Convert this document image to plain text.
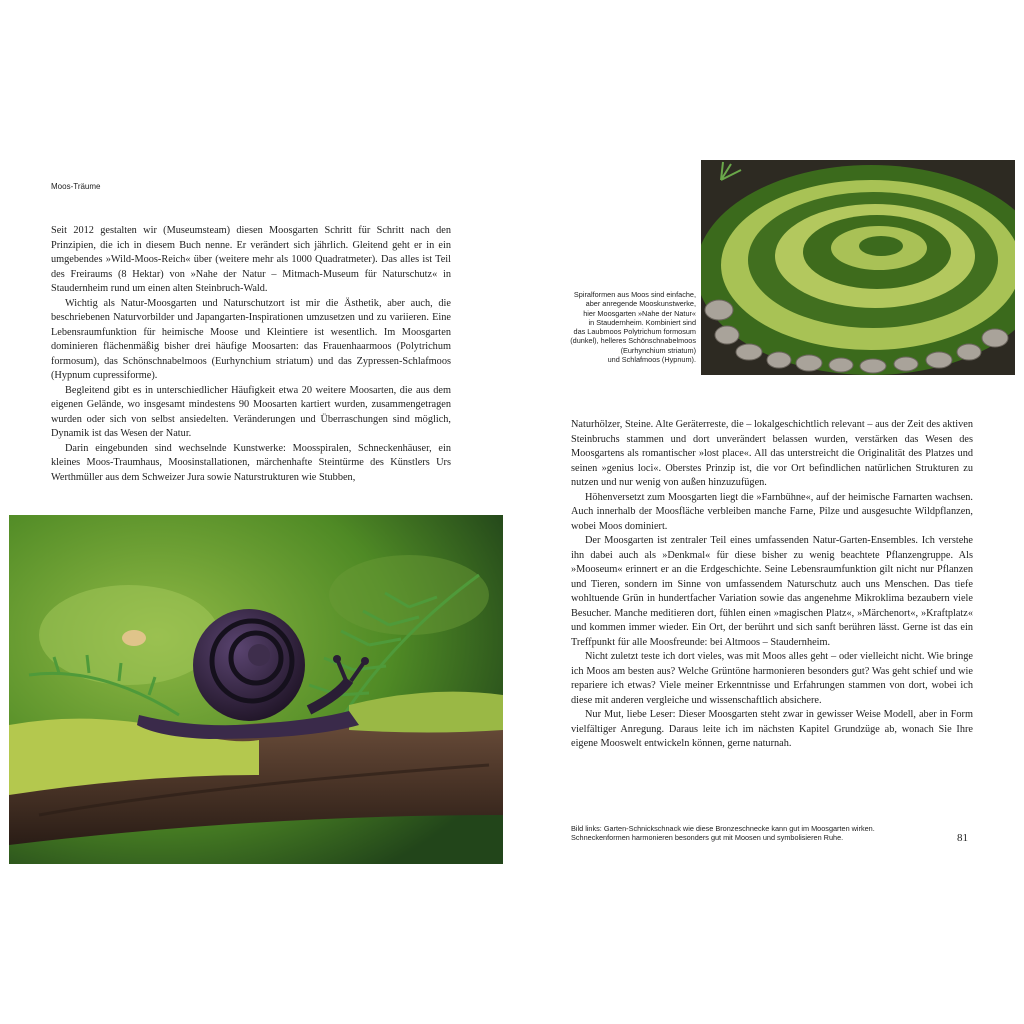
Moos-Träume

Seit 2012 gestalten wir (Museumsteam) diesen Moosgarten Schritt für Schritt nach den Prinzipien, die ich in diesem Buch nenne. Er verändert sich jährlich. Gleitend geht er in ein umgebendes »Wild-Moos-Reich« über (weitere mehr als 1000 Quadratmeter). Das alles ist Teil des Freiraums (8 Hektar) von »Nahe der Natur – Mitmach-Museum für Naturschutz« in Staudernheim rund um einen alten Steinbruch-Wald.

Wichtig als Natur-Moosgarten und Naturschutzort ist mir die Ästhetik, aber auch, die beschriebenen Naturvorbilder und Japangarten-Inspirationen umzusetzen und zu variieren. Eine Lebensraumfunktion für heimische Moose und Kleintiere ist wesentlich. Im Moosgarten dominieren flächenmäßig bisher drei häufige Moosarten: das Frauenhaarmoos (Polytrichum formosum), das Schönschnabelmoos (Eurhynchium striatum) und das Zypressen-Schlafmoos (Hypnum cupressiforme).

Begleitend gibt es in unterschiedlicher Häufigkeit etwa 20 weitere Moosarten, die aus dem eigenen Gelände, wo insgesamt mindestens 90 Moosarten kartiert wurden, zusammengetragen wurden oder sich von selbst ansiedelten. Veränderungen und Überraschungen sind möglich, Dynamik ist das Wesen der Natur.

Darin eingebunden sind wechselnde Kunstwerke: Moosspiralen, Schneckenhäuser, ein kleines Moos-Traumhaus, Moosinstallationen, märchenhafte Steintürme des Künstlers Urs Werthmüller aus dem Schweizer Jura sowie Naturstrukturen wie Stubben,

Spiralformen aus Moos sind einfache,
aber anregende Mooskunstwerke,
hier Moosgarten »Nahe der Natur«
in Staudernheim. Kombiniert sind
das Laubmoos Polytrichum formosum
(dunkel), helleres Schönschnabelmoos
(Eurhynchium striatum)
und Schlafmoos (Hypnum).

Naturhölzer, Steine. Alte Geräterreste, die – lokalgeschichtlich relevant – aus der Zeit des aktiven Steinbruchs stammen und dort unverändert belassen wurden, verstärken das Wesen des Moosgartens als romantischer »lost place«. All das unterstreicht die Originalität des Platzes und seinen »genius loci«. Oberstes Prinzip ist, die vor Ort befindlichen natürlichen Strukturen zu nutzen und nur wenig von außen hinzuzufügen.

Höhenversetzt zum Moosgarten liegt die »Farnbühne«, auf der heimische Farnarten wachsen. Auch innerhalb der Moosfläche verbleiben manche Farne, Pilze und ausgesuchte Wildpflanzen, wobei Moos dominiert.

Der Moosgarten ist zentraler Teil eines umfassenden Natur-Garten-Ensembles. Ich verstehe ihn dabei auch als »Denkmal« für diese bisher zu wenig beachtete Pflanzengruppe. Als »Mooseum« erinnert er an die Erdgeschichte. Seine Lebensraumfunktion gilt nicht nur Pflanzen und Tieren, sondern im Sinne von umfassendem Naturschutz auch uns Menschen. Das tiefe wohltuende Grün in hundertfacher Variation sowie das angenehme Mikroklima bezaubern viele Besucher. Manche meditieren dort, fühlen einen »magischen Platz«, »Märchenort«, »Kraftplatz« und kommen immer wieder. Ein Ort, der berührt und sich sanft berühren lässt. Gerne ist das ein Treffpunkt für alle Moosfreunde: bei Altmoos – Staudernheim.

Nicht zuletzt teste ich dort vieles, was mit Moos alles geht – oder vielleicht nicht. Wie bringe ich Moos am besten aus? Welche Grüntöne harmonieren besonders gut? Was geht schief und wie repariere ich etwas? Viele meiner Erkenntnisse und Erfahrungen stammen von dort, wobei ich diese mit anderen vergleiche und wissenschaftlich absichere.

Nur Mut, liebe Leser: Dieser Moosgarten steht zwar in gewisser Weise Modell, aber in Form vielfältiger Anregung. Daraus leite ich im nächsten Kapitel Grundzüge ab, wonach Sie Ihre eigene Mooswelt entwickeln können, gerne naturnah.

Bild links: Garten-Schnickschnack wie diese Bronzeschnecke kann gut im Moosgarten wirken.
Schneckenformen harmonieren besonders gut mit Moosen und symbolisieren Ruhe.	81
